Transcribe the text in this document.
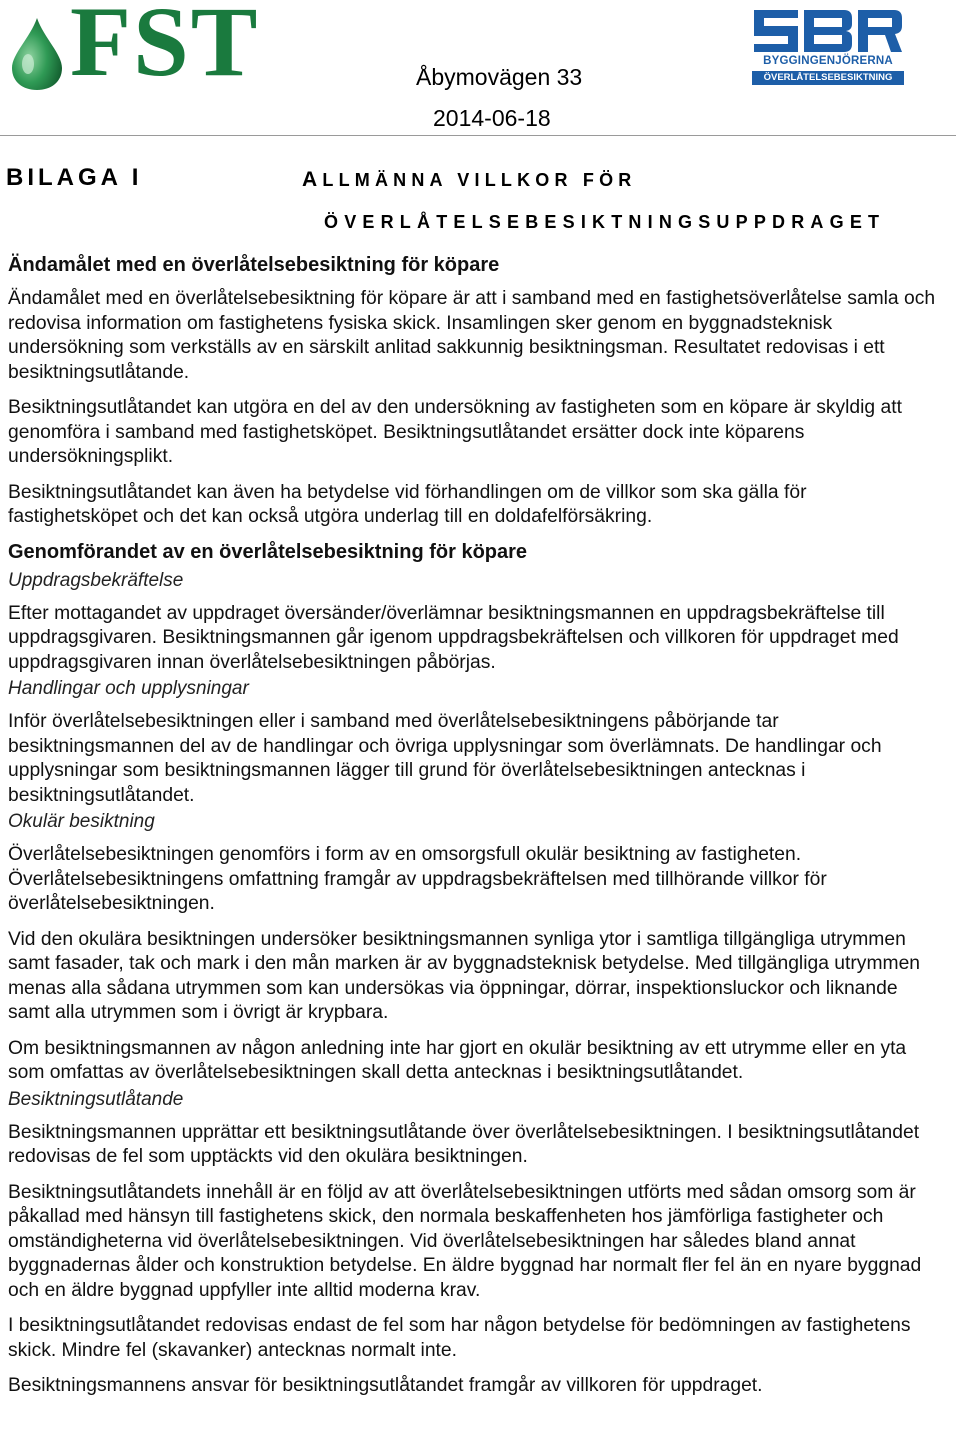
FST	Åbymovägen 33
2014-06-18
BYGGINGENJÖRERNA
ÖVERLÅTELSEBESIKTNING
BILAGA I	ALLMÄNNA VILLKOR FÖR
ÖVERLÅTELSEBESIKTNINGSUPPDRAGET
Ändamålet med en överlåtelsebesiktning för köpare

Ändamålet med en överlåtelsebesiktning för köpare är att i samband med en fastighetsöverlåtelse samla och redovisa information om fastighetens fysiska skick. Insamlingen sker genom en byggnadsteknisk undersökning som verkställs av en särskilt anlitad sakkunnig besiktningsman. Resultatet redovisas i ett besiktningsutlåtande.

Besiktningsutlåtandet kan utgöra en del av den undersökning av fastigheten som en köpare är skyldig att genomföra i samband med fastighetsköpet. Besiktningsutlåtandet ersätter dock inte köparens undersökningsplikt.

Besiktningsutlåtandet kan även ha betydelse vid förhandlingen om de villkor som ska gälla för fastighetsköpet och det kan också utgöra underlag till en doldafelförsäkring.

Genomförandet av en överlåtelsebesiktning för köpare
Uppdragsbekräftelse

Efter mottagandet av uppdraget översänder/överlämnar besiktningsmannen en uppdragsbekräftelse till uppdragsgivaren. Besiktningsmannen går igenom uppdragsbekräftelsen och villkoren för uppdraget med uppdragsgivaren innan överlåtelsebesiktningen påbörjas.

Handlingar och upplysningar

Inför överlåtelsebesiktningen eller i samband med överlåtelsebesiktningens påbörjande tar besiktningsmannen del av de handlingar och övriga upplysningar som överlämnats. De handlingar och upplysningar som besiktningsmannen lägger till grund för överlåtelsebesiktningen antecknas i besiktningsutlåtandet.

Okulär besiktning

Överlåtelsebesiktningen genomförs i form av en omsorgsfull okulär besiktning av fastigheten. Överlåtelsebesiktningens omfattning framgår av uppdragsbekräftelsen med tillhörande villkor för överlåtelsebesiktningen.

Vid den okulära besiktningen undersöker besiktningsmannen synliga ytor i samtliga tillgängliga utrymmen samt fasader, tak och mark i den mån marken är av byggnadsteknisk betydelse. Med tillgängliga utrymmen menas alla sådana utrymmen som kan undersökas via öppningar, dörrar, inspektionsluckor och liknande samt alla utrymmen som i övrigt är krypbara.

Om besiktningsmannen av någon anledning inte har gjort en okulär besiktning av ett utrymme eller en yta som omfattas av överlåtelsebesiktningen skall detta antecknas i besiktningsutlåtandet.

Besiktningsutlåtande

Besiktningsmannen upprättar ett besiktningsutlåtande över överlåtelsebesiktningen. I besiktningsutlåtandet redovisas de fel som upptäckts vid den okulära besiktningen.

Besiktningsutlåtandets innehåll är en följd av att överlåtelsebesiktningen utförts med sådan omsorg som är påkallad med hänsyn till fastighetens skick, den normala beskaffenheten hos jämförliga fastigheter och omständigheterna vid överlåtelsebesiktningen. Vid överlåtelsebesiktningen har således bland annat byggnadernas ålder och konstruktion betydelse. En äldre byggnad har normalt fler fel än en nyare byggnad och en äldre byggnad uppfyller inte alltid moderna krav.

I besiktningsutlåtandet redovisas endast de fel som har någon betydelse för bedömningen av fastighetens skick. Mindre fel (skavanker) antecknas normalt inte.

Besiktningsmannens ansvar för besiktningsutlåtandet framgår av villkoren för uppdraget.
